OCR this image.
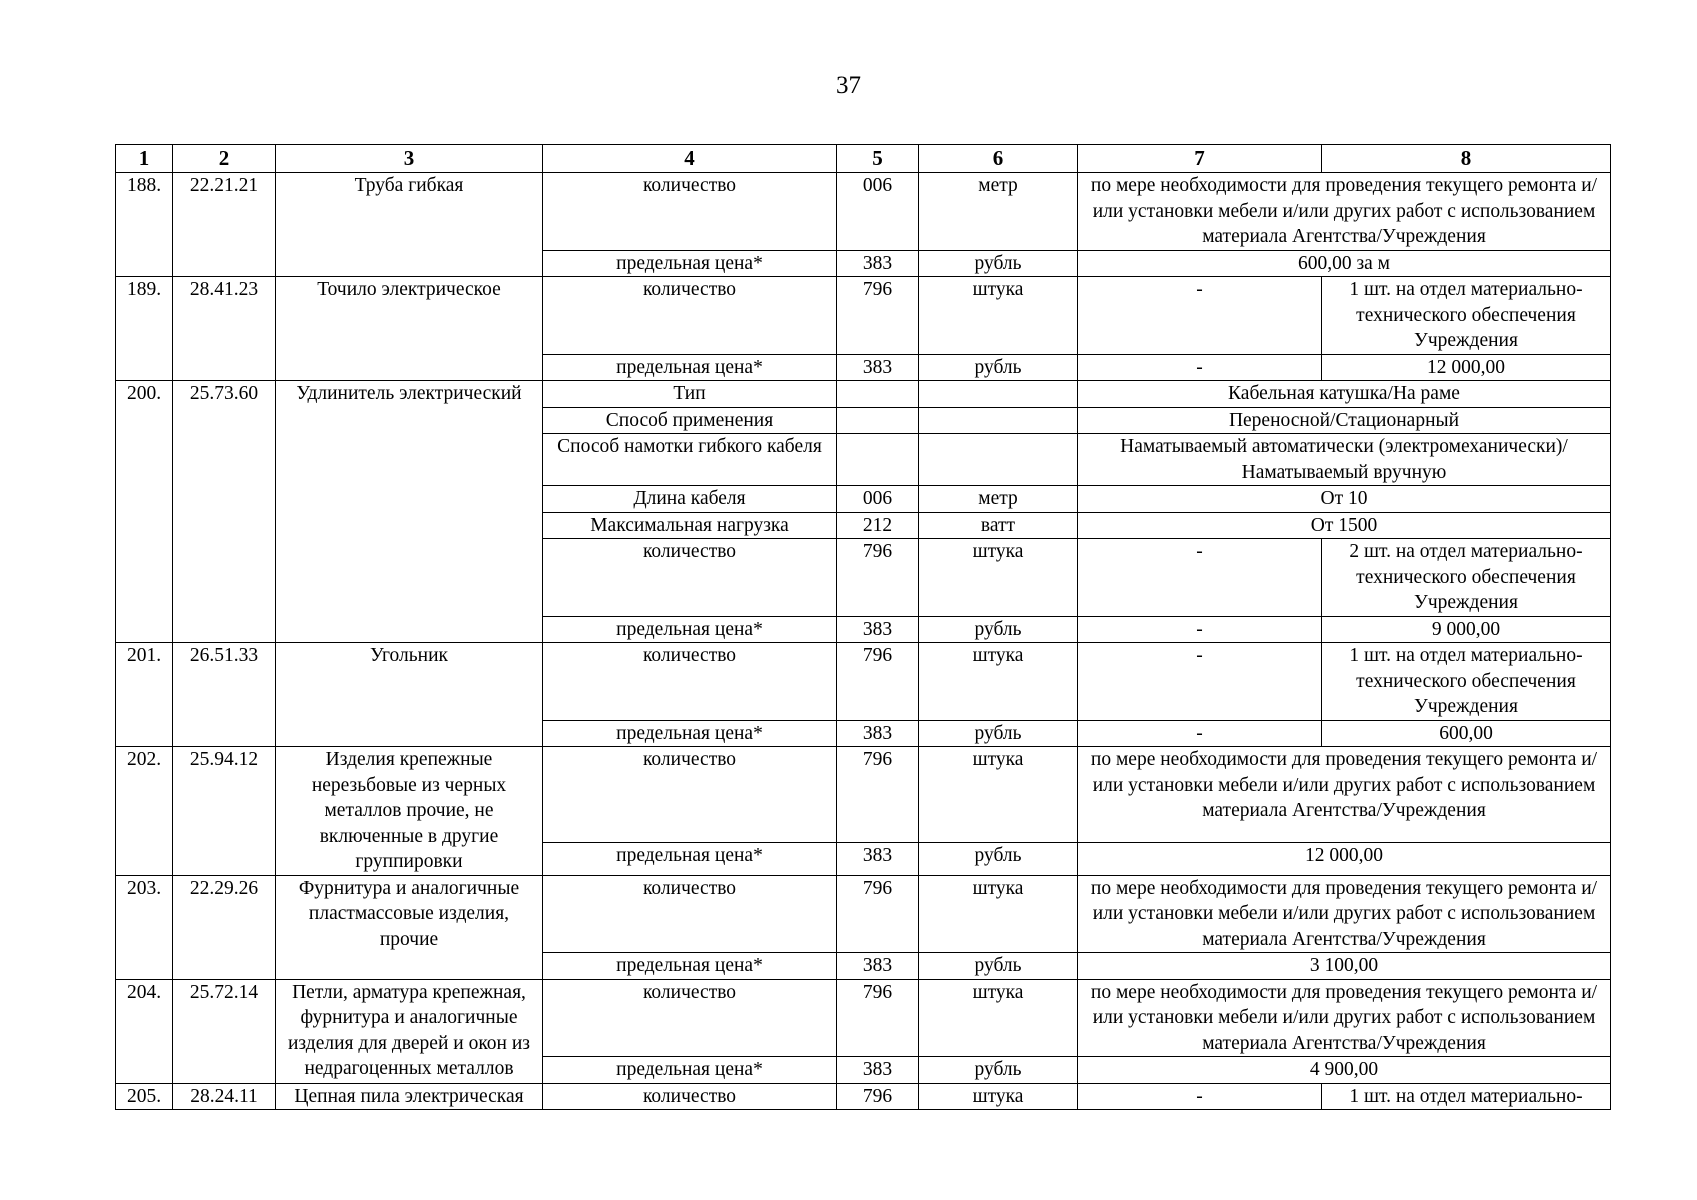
37
1	2	3	4	5	6	7	8
188.	22.21.21	Труба гибкая	количество	006	метр	по мере необходимости для проведения текущего ремонта и/или установки мебели и/или других работ с использованием материала Агентства/Учреждения	
			предельная цена*	383	рубль	600,00 за м	
189.	28.41.23	Точило электрическое	количество	796	штука	-	1 шт. на отдел материально-технического обеспечения Учреждения
			предельная цена*	383	рубль	-	12 000,00
200.	25.73.60	Удлинитель электрический	Тип			Кабельная катушка/На раме	
			Способ применения			Переносной/Стационарный	
			Способ намотки гибкого кабеля			Наматываемый автоматически (электромеханически)/ Наматываемый вручную	
			Длина кабеля	006	метр	От 10	
			Максимальная нагрузка	212	ватт	От 1500	
			количество	796	штука	-	2 шт. на отдел материально-технического обеспечения Учреждения
			предельная цена*	383	рубль	-	9 000,00
201.	26.51.33	Угольник	количество	796	штука	-	1 шт. на отдел материально-технического обеспечения Учреждения
			предельная цена*	383	рубль	-	600,00
202.	25.94.12	Изделия крепежные нерезьбовые из черных металлов прочие, не включенные в другие группировки	количество	796	штука	по мере необходимости для проведения текущего ремонта и/или установки мебели и/или других работ с использованием материала Агентства/Учреждения	
			предельная цена*	383	рубль	12 000,00	
203.	22.29.26	Фурнитура и аналогичные пластмассовые изделия, прочие	количество	796	штука	по мере необходимости для проведения текущего ремонта и/или установки мебели и/или других работ с использованием материала Агентства/Учреждения	
			предельная цена*	383	рубль	3 100,00	
204.	25.72.14	Петли, арматура крепежная, фурнитура и аналогичные изделия для дверей и окон из недрагоценных металлов	количество	796	штука	по мере необходимости для проведения текущего ремонта и/или установки мебели и/или других работ с использованием материала Агентства/Учреждения	
			предельная цена*	383	рубль	4 900,00	
205.	28.24.11	Цепная пила электрическая	количество	796	штука	-	1 шт. на отдел материально-
